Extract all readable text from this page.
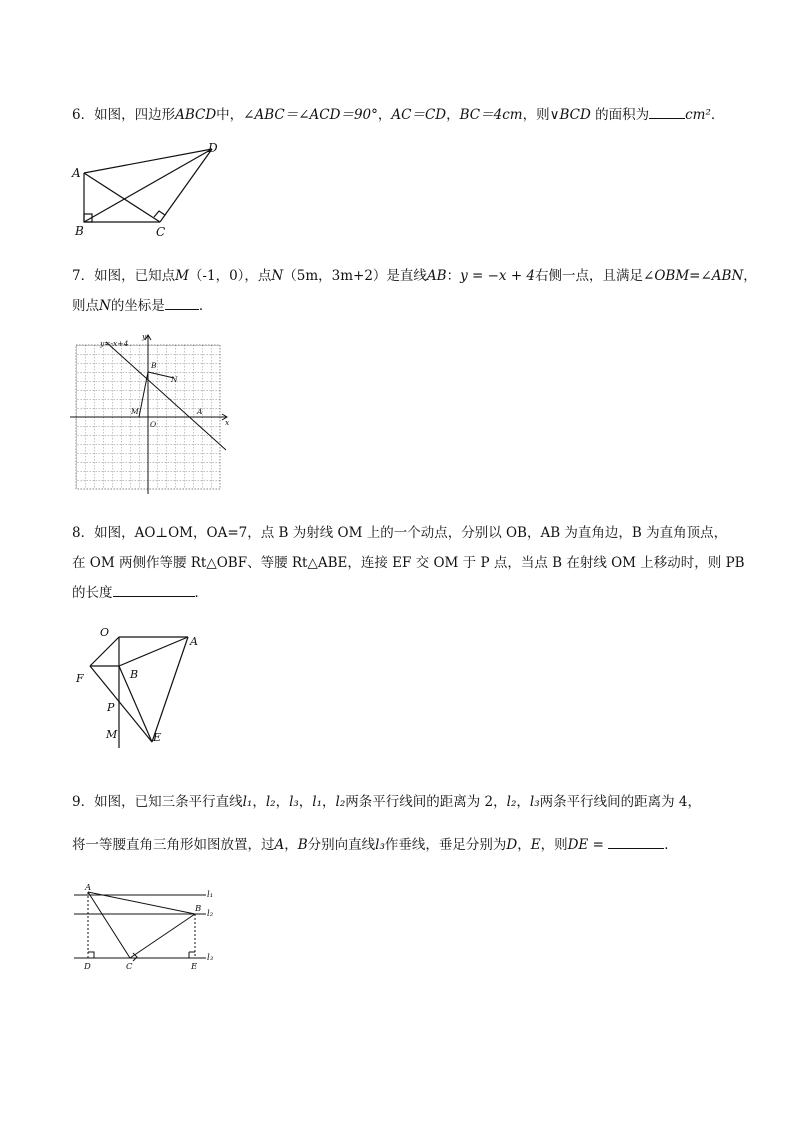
6．如图，四边形ABCD中，∠ABC＝∠ACD＝90°，AC＝CD，BC＝4cm，则∨BCD 的面积为	cm²．
A
B	C
D
7．如图，已知点M（-1，0），点N（5m，3m+2）是直线AB：y = −x + 4右侧一点，且满足∠OBM=∠ABN，
则点N的坐标是	．
y=-x+4
y
x
B
N
M
O
A
8．如图，AO⊥OM，OA=7，点 B 为射线 OM 上的一个动点，分别以 OB，AB 为直角边，B 为直角顶点，
在 OM 两侧作等腰 Rt△OBF、等腰 Rt△ABE，连接 EF 交 OM 于 P 点，当点 B 在射线 OM 上移动时，则 PB
的长度	．
O
A
F	B
P
M	E
9．如图，已知三条平行直线l₁，l₂，l₃，l₁，l₂两条平行线间的距离为 2，l₂，l₃两条平行线间的距离为 4，
将一等腰直角三角形如图放置，过A，B分别向直线l₃作垂线，垂足分别为D，E，则DE =	．
A
B
C
D	E
l₁
l₂
l₃
